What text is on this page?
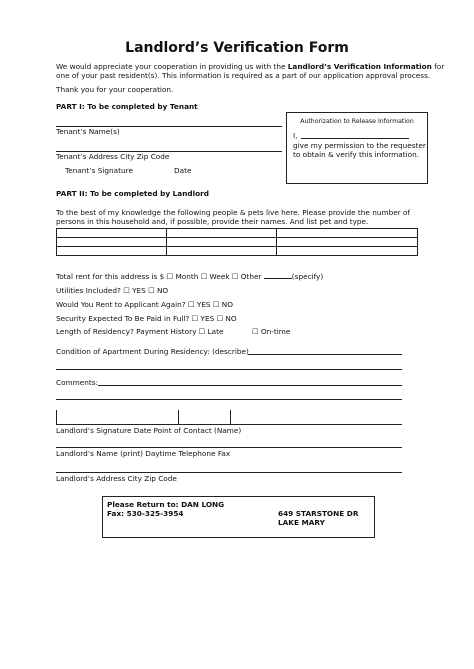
Landlord’s Verification Form
We would appreciate your cooperation in providing us with the Landlord’s Verification Information for
one of your past resident(s). This information is required as a part of our application approval process.
Thank you for your cooperation.
PART I: To be completed by Tenant
Tenant’s Name(s)
Tenant’s Address City Zip Code
Tenant’s Signature	Date
Authorization to Release Information
I,
give my permission to the requester
to obtain & verify this information.
PART II: To be completed by Landlord
To the best of my knowledge the following people & pets live here. Please provide the number of
persons in this household and, if possible, provide their names. And list pet and type.

Total rent for this address is $ ☐ Month ☐ Week ☐ Other	(specify)
Utilities Included? ☐ YES ☐ NO
Would You Rent to Applicant Again? ☐ YES ☐ NO
Security Expected To Be Paid in Full? ☐ YES ☐ NO
Length of Residency? Payment History ☐ Late	☐ On-time
Condition of Apartment During Residency: (describe)
Comments:
Landlord’s Signature Date Point of Contact (Name)
Landlord’s Name (print) Daytime Telephone Fax
Landlord’s Address City Zip Code
Please Return to: DAN LONG
Fax: 530-325-3954	649 STARSTONE DR
LAKE MARY
